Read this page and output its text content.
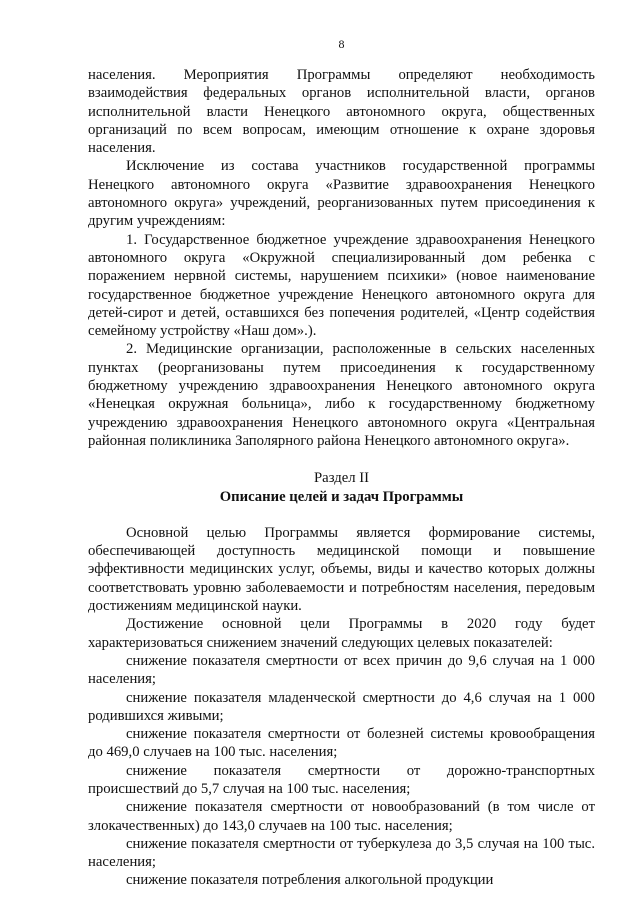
8

населения. Мероприятия Программы определяют необходимость взаимодействия федеральных органов исполнительной власти, органов исполнительной власти Ненецкого автономного округа, общественных организаций по всем вопросам, имеющим отношение к охране здоровья населения.

Исключение из состава участников государственной программы Ненецкого автономного округа «Развитие здравоохранения Ненецкого автономного округа» учреждений, реорганизованных путем присоединения к другим учреждениям:

1. Государственное бюджетное учреждение здравоохранения Ненецкого автономного округа «Окружной специализированный дом ребенка с поражением нервной системы, нарушением психики» (новое наименование государственное бюджетное учреждение Ненецкого автономного округа для детей-сирот и детей, оставшихся без попечения родителей, «Центр содействия семейному устройству «Наш дом».).

2. Медицинские организации, расположенные в сельских населенных пунктах (реорганизованы путем присоединения к государственному бюджетному учреждению здравоохранения Ненецкого автономного округа «Ненецкая окружная больница», либо к государственному бюджетному учреждению здравоохранения Ненецкого автономного округа «Центральная районная поликлиника Заполярного района Ненецкого автономного округа».

Раздел II

Описание целей и задач Программы

Основной целью Программы является формирование системы, обеспечивающей доступность медицинской помощи и повышение эффективности медицинских услуг, объемы, виды и качество которых должны соответствовать уровню заболеваемости и потребностям населения, передовым достижениям медицинской науки.

Достижение основной цели Программы в 2020 году будет характеризоваться снижением значений следующих целевых показателей:

снижение показателя смертности от всех причин до 9,6 случая на 1 000 населения;

снижение показателя младенческой смертности до 4,6 случая на 1 000 родившихся живыми;

снижение показателя смертности от болезней системы кровообращения до 469,0 случаев на 100 тыс. населения;

снижение показателя смертности от дорожно-транспортных происшествий до 5,7 случая на 100 тыс. населения;

снижение показателя смертности от новообразований (в том числе от злокачественных) до 143,0 случаев на 100 тыс. населения;

снижение показателя смертности от туберкулеза до 3,5 случая на 100 тыс. населения;

снижение показателя потребления алкогольной продукции
